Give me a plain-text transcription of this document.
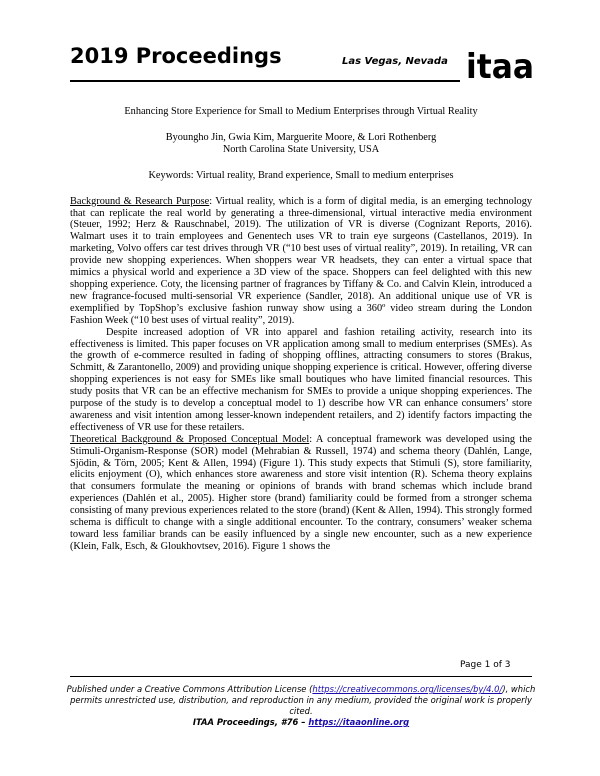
2019 Proceedings	Las Vegas, Nevada itaa

Enhancing Store Experience for Small to Medium Enterprises through Virtual Reality

Byoungho Jin, Gwia Kim, Marguerite Moore, & Lori Rothenberg

North Carolina State University, USA

Keywords: Virtual reality, Brand experience, Small to medium enterprises

Background & Research Purpose: Virtual reality, which is a form of digital media, is an emerging technology that can replicate the real world by generating a three-dimensional, virtual interactive media environment (Steuer, 1992; Herz & Rauschnabel, 2019). The utilization of VR is diverse (Cognizant Reports, 2016). Walmart uses it to train employees and Genentech uses VR to train eye surgeons (Castellanos, 2019). In marketing, Volvo offers car test drives through VR (“10 best uses of virtual reality”, 2019). In retailing, VR can provide new shopping experiences. When shoppers wear VR headsets, they can enter a virtual space that mimics a physical world and experience a 3D view of the space. Shoppers can feel delighted with this new shopping experience. Coty, the licensing partner of fragrances by Tiffany & Co. and Calvin Klein, introduced a new fragrance-focused multi-sensorial VR experience (Sandler, 2018). An additional unique use of VR is exemplified by TopShop’s exclusive fashion runway show using a 360º video stream during the London Fashion Week (“10 best uses of virtual reality”, 2019).

Despite increased adoption of VR into apparel and fashion retailing activity, research into its effectiveness is limited. This paper focuses on VR application among small to medium enterprises (SMEs). As the growth of e-commerce resulted in fading of shopping offlines, attracting consumers to stores (Brakus, Schmitt, & Zarantonello, 2009) and providing unique shopping experience is critical. However, offering diverse shopping experiences is not easy for SMEs like small boutiques who have limited financial resources. This study posits that VR can be an effective mechanism for SMEs to provide a unique shopping experiences. The purpose of the study is to develop a conceptual model to 1) describe how VR can enhance consumers’ store awareness and visit intention among lesser-known independent retailers, and 2) identify factors impacting the effectiveness of VR use for these retailers.

Theoretical Background & Proposed Conceptual Model: A conceptual framework was developed using the Stimuli-Organism-Response (SOR) model (Mehrabian & Russell, 1974) and schema theory (Dahlén, Lange, Sjödin, & Törn, 2005; Kent & Allen, 1994) (Figure 1). This study expects that Stimuli (S), store familiarity, elicits enjoyment (O), which enhances store awareness and store visit intention (R). Schema theory explains that consumers formulate the meaning or opinions of brands with brand schemas which include brand experiences (Dahlén et al., 2005). Higher store (brand) familiarity could be formed from a stronger schema consisting of many previous experiences related to the store (brand) (Kent & Allen, 1994). This strongly formed schema is difficult to change with a single additional encounter. To the contrary, consumers’ weaker schema toward less familiar brands can be easily influenced by a single new encounter, such as a new experience (Klein, Falk, Esch, & Gloukhovtsev, 2016). Figure 1 shows the

Page 1 of 3
Published under a Creative Commons Attribution License (https://creativecommons.org/licenses/by/4.0/), which permits unrestricted use, distribution, and reproduction in any medium, provided the original work is properly cited.
ITAA Proceedings, #76 – https://itaaonline.org
